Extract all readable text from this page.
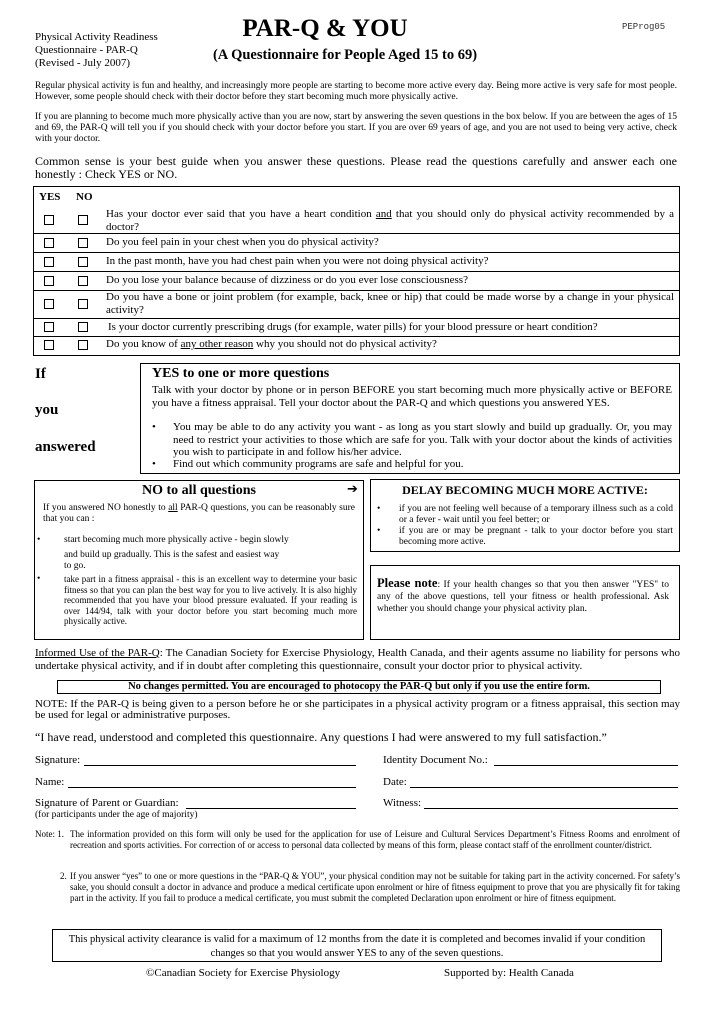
Physical Activity Readiness
Questionnaire - PAR-Q
(Revised - July 2007)
PAR-Q & YOU
(A Questionnaire for People Aged 15 to 69)
PEProg05
Regular physical activity is fun and healthy, and increasingly more people are starting to become more active every day. Being more active is very safe for most people. However, some people should check with their doctor before they start becoming much more physically active.
If you are planning to become much more physically active than you are now, start by answering the seven questions in the box below. If you are between the ages of 15 and 69, the PAR-Q will tell you if you should check with your doctor before you start. If you are over 69 years of age, and you are not used to being very active, check with your doctor.
Common sense is your best guide when you answer these questions. Please read the questions carefully and answer each one honestly : Check YES or NO.
YES NO
Has your doctor ever said that you have a heart condition and that you should only do physical activity recommended by a doctor?
Do you feel pain in your chest when you do physical activity?
In the past month, have you had chest pain when you were not doing physical activity?
Do you lose your balance because of dizziness or do you ever lose consciousness?
Do you have a bone or joint problem (for example, back, knee or hip) that could be made worse by a change in your physical activity?
Is your doctor currently prescribing drugs (for example, water pills) for your blood pressure or heart condition?
Do you know of any other reason why you should not do physical activity?
If
you
answered
YES to one or more questions
Talk with your doctor by phone or in person BEFORE you start becoming much more physically active or BEFORE you have a fitness appraisal. Tell your doctor about the PAR-Q and which questions you answered YES.
• You may be able to do any activity you want - as long as you start slowly and build up gradually. Or, you may need to restrict your activities to those which are safe for you. Talk with your doctor about the kinds of activities you wish to participate in and follow his/her advice.
• Find out which community programs are safe and helpful for you.
NO to all questions
If you answered NO honestly to all PAR-Q questions, you can be reasonably sure that you can :
• start becoming much more physically active - begin slowly
and build up gradually. This is the safest and easiest way
to go.
•	take part in a fitness appraisal - this is an excellent way to determine your basic fitness so that you can plan the best way for you to live actively. It is also highly recommended that you have your blood pressure evaluated. If your reading is over 144/94, talk with your doctor before you start becoming much more physically active.
➔	DELAY BECOMING MUCH MORE ACTIVE:
• if you are not feeling well because of a temporary illness such as a cold or a fever - wait until you feel better; or
• if you are or may be pregnant - talk to your doctor before you start becoming more active.
Please note: If your health changes so that you then answer "YES" to any of the above questions, tell your fitness or health professional. Ask whether you should change your physical activity plan.
Informed Use of the PAR-Q: The Canadian Society for Exercise Physiology, Health Canada, and their agents assume no liability for persons who undertake physical activity, and if in doubt after completing this questionnaire, consult your doctor prior to physical activity.
No changes permitted. You are encouraged to photocopy the PAR-Q but only if you use the entire form.
NOTE: If the PAR-Q is being given to a person before he or she participates in a physical activity program or a fitness appraisal, this section may be used for legal or administrative purposes.
“I have read, understood and completed this questionnaire. Any questions I had were answered to my full satisfaction.”
Signature:	Identity Document No.:
Name:	Date:
Signature of Parent or Guardian:	Witness:
(for participants under the age of majority)
Note: 1. The information provided on this form will only be used for the application for use of Leisure and Cultural Services Department’s Fitness Rooms and enrolment of recreation and sports activities. For correction of or access to personal data collected by means of this form, please contact staff of the enrollment counter/district.
2. If you answer “yes” to one or more questions in the “PAR-Q & YOU”, your physical condition may not be suitable for taking part in the activity concerned. For safety’s sake, you should consult a doctor in advance and produce a medical certificate upon enrolment or hire of fitness equipment to prove that you are physically fit for taking part in the activity. If you fail to produce a medical certificate, you must submit the completed Declaration upon enrolment or hire of fitness equipment.
This physical activity clearance is valid for a maximum of 12 months from the date it is completed and becomes invalid if your condition changes so that you would answer YES to any of the seven questions.
©Canadian Society for Exercise Physiology	Supported by: Health Canada
